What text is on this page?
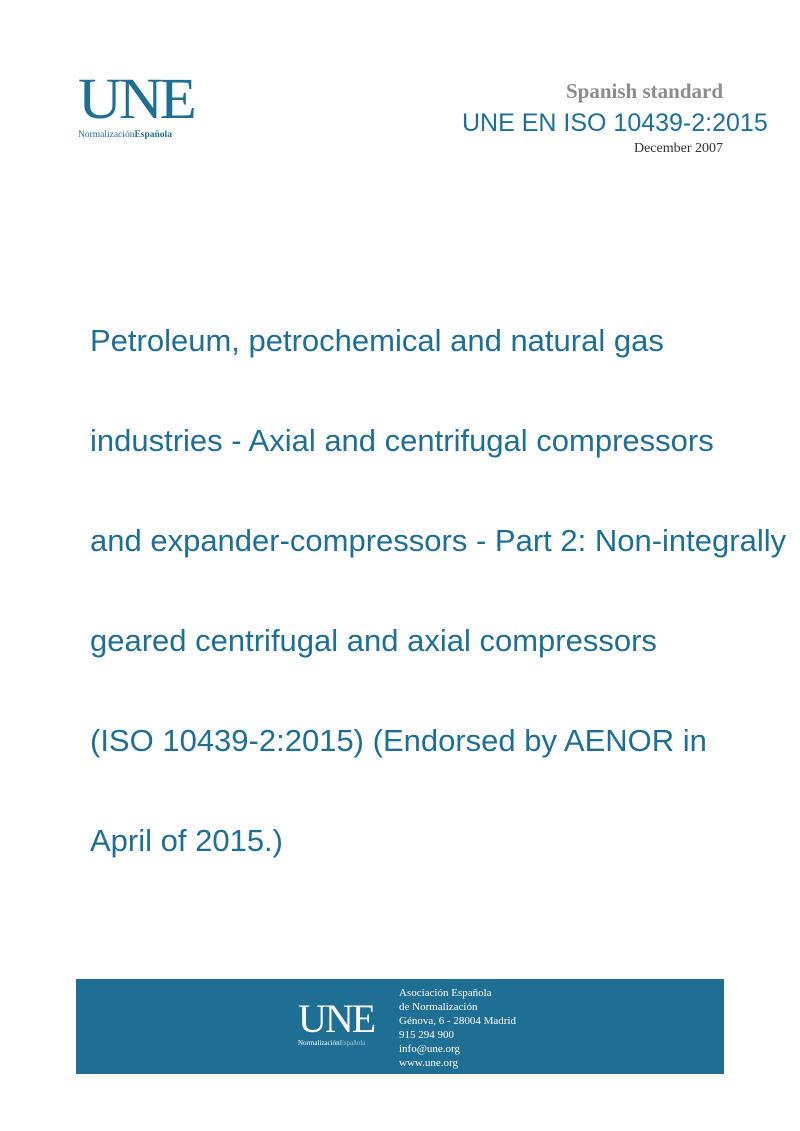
UNE
NormalizaciónEspañola
Spanish standard
UNE EN ISO 10439-2:2015
December 2007

Petroleum, petrochemical and natural gas

industries - Axial and centrifugal compressors

and expander-compressors - Part 2: Non-integrally

geared centrifugal and axial compressors

(ISO 10439-2:2015) (Endorsed by AENOR in

April of 2015.)

UNE
NormalizaciónEspañola
Asociación Española
de Normalización
Génova, 6 - 28004 Madrid
915 294 900
info@une.org
www.une.org
